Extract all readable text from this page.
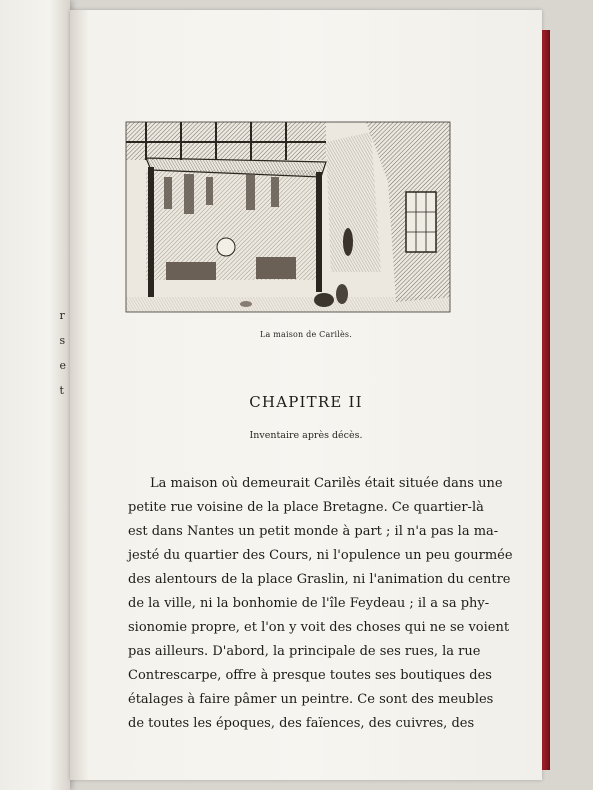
r
s
e
t
La maison de Carilès.
CHAPITRE II
Inventaire après décès.
La maison où demeurait Carilès était située dans une
petite rue voisine de la place Bretagne. Ce quartier-là
est dans Nantes un petit monde à part ; il n'a pas la ma-
jesté du quartier des Cours, ni l'opulence un peu gourmée
des alentours de la place Graslin, ni l'animation du centre
de la ville, ni la bonhomie de l'île Feydeau ; il a sa phy-
sionomie propre, et l'on y voit des choses qui ne se voient
pas ailleurs. D'abord, la principale de ses rues, la rue
Contrescarpe, offre à presque toutes ses boutiques des
étalages à faire pâmer un peintre. Ce sont des meubles
de toutes les époques, des faïences, des cuivres, des
